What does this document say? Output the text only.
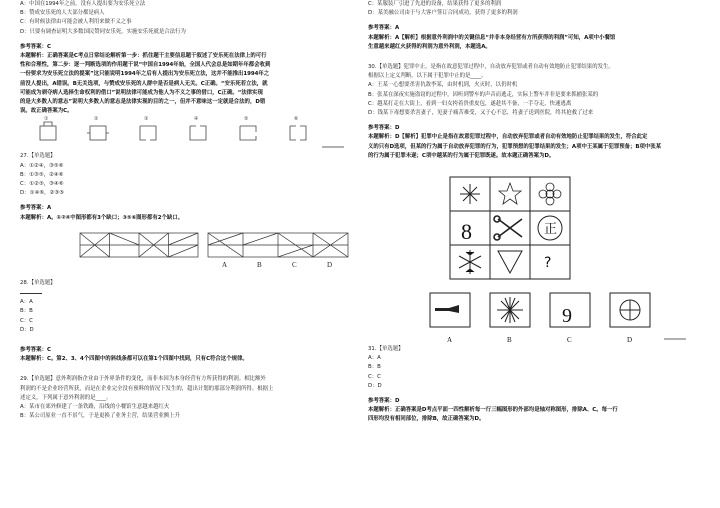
A：中国在1994年之前，没有人提出要为安乐死立法
B：赞成安乐死的人大部分都是病人
C：有时候法律由可能会被人利用来做不义之事
D：只要有调查证明大多数国民赞同安乐死，实施安乐死就是合法行为
参考答案：C
本题解析：正确答案是C考点日常结论解析第一步：抓住题干主要信息题干叙述了安乐死在法律上的可行
性和合理性，第二步：逐一判断选项的作用题干说“中国自1994年始，全国人代会总是如期年年都会收到
一份要求为安乐死立法的提案”这只能说明1994年之后有人提出为安乐死立法，这并不能推出1994年之
前没人提出，A错误。B无关选项，与赞成安乐死的人群中是否是病人无关。C正确。“安乐死若立法，就
可能成为剥夺病人选择生命权利的借口”说明法律可能成为他人为不义之事的借口，C正确。“法律实现
的是大多数人的意志”说明大多数人的意志是法律实现的目的之一，但并不意味这一定就是合法的，D错
误。故正确答案为C。
①	②	③	④	⑤	⑥
27.【单选题】
A：①②④，③⑤⑥
B：①③⑤，②④⑥
C：①②⑤，③④⑥
D：①④⑥，②③⑤
参考答案：A
本题解析：A。①②④中图形都有3个缺口；③⑤⑥图形都有2个缺口。
A	B	C	D
28.【单选题】
A：A
B：B
C：C
D：D
参考答案：C
本题解析：C。第2、3、4个四图中的斜线条都可以在第1个四图中找到，只有C符合这个规律。
29.【单选题】意外利润指企业由于外界条件的变化，而非本因为本身经营有方所获得的利润。相比额外
利润的不是企业经营所获，而是在企业完全没有预料的情况下发生的，超出计划的那部分利润所得。根据上
述定义，下列属于意外利润的是____。
A：某市在郊外修建了一条铁路，沿线的小餐馆生意越来越红火
B：某公司原业一直不景气，于是更换了业务主营，结果营业额上升
C：某服装厂引进了先进的设备，结果获得了更多的利润
D：某美融公司由于与大客户签订合同成功，获得了更多的利润
参考答案：A
本题解析：A【解析】根据意外利润中的关键信息“并非本身经营有方所获得的利润”可知，A项中小餐馆
生意越来越红火获得的利润为意外利润，本题选A。
30.【单选题】犯罪中止，是指在故意犯罪过程中，自动放弃犯罪或者自动有效地防止犯罪结果的发生。
根据以上定义判断，以下属于犯罪中止的是____。
A：王某一心想要杀害仇敌李某，由时机到，火灭时，以仍时机
B：张某在深夜实施盗窃的过程中，因听到警车的声音而逃走，实际上警车并非是要来抓捕张某的
C：越某打走在大街上，看到一妇女挎着贵重皮包，遂趁其不备，一手夺走，快速逃离
D：钱某下毒想要杀害妻子，见妻子痛苦难受，又于心不忍，将妻子送到医院，终其抢救了过来
参考答案：D
本题解析：D【解析】犯罪中止是指在故意犯罪过程中，自动放弃犯罪或者自动有效地防止犯罪结果的发生，符合此定
义的只有D选项，但某的行为属于自动放弃犯罪的行为，犯罪预想的犯罪结果的发生；A项中王某属于犯罪预备；B项中张某
的行为属于犯罪未遂；C项中越某的行为属于犯罪既遂。故本题正确答案为D。
9
8	正
?
A	B	C	D
31.【单选题】
A：A
B：B
C：C
D：D
参考答案：D
本题解析：正确答案是D考点平面一四性解析每一行三幅图形的外部均是轴对称图形，排除A、C。每一行
四形均没有相同部位，排除B，故正确答案为D。
